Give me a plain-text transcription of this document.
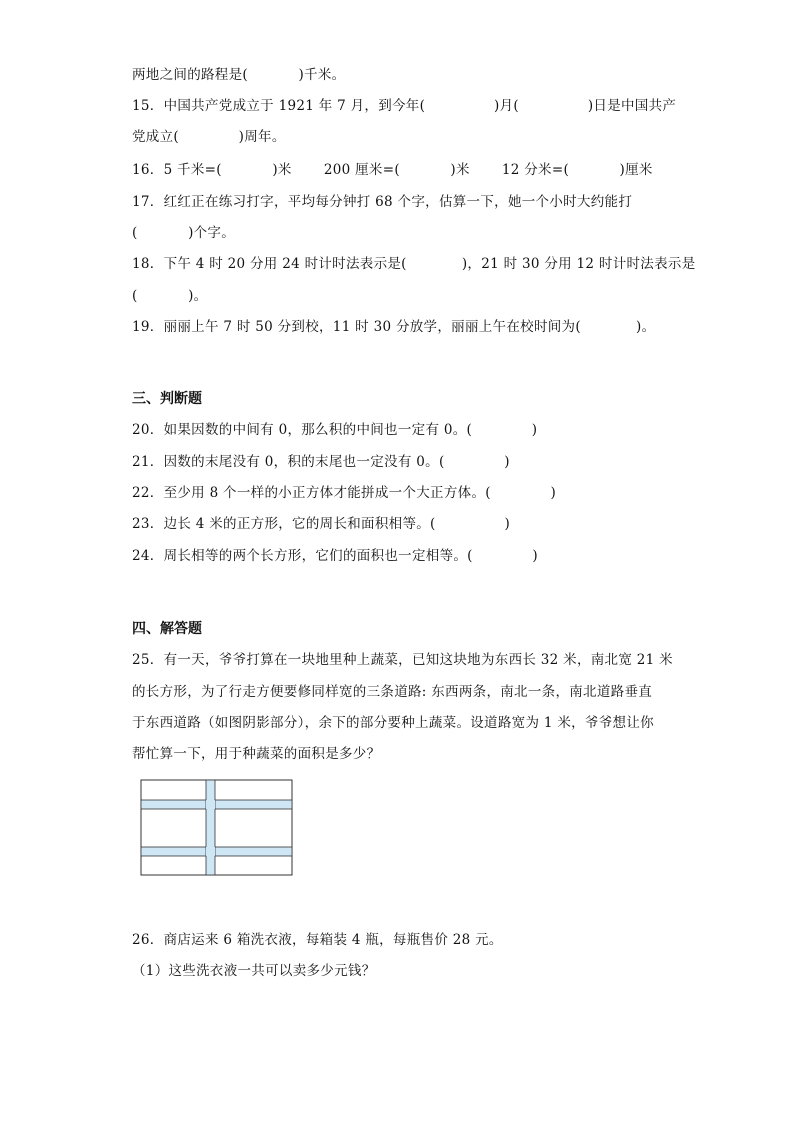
两地之间的路程是(           )千米。
15．中国共产党成立于 1921 年 7 月，到今年(               )月(               )日是中国共产
党成立(             )周年。
16．5 千米=(           )米       200 厘米=(           )米       12 分米=(           )厘米
17．红红正在练习打字，平均每分钟打 68 个字，估算一下，她一个小时大约能打
(           )个字。
18．下午 4 时 20 分用 24 时计时法表示是(            )，21 时 30 分用 12 时计时法表示是
(           )。
19．丽丽上午 7 时 50 分到校，11 时 30 分放学，丽丽上午在校时间为(            )。
三、判断题
20．如果因数的中间有 0，那么积的中间也一定有 0。(             )
21．因数的末尾没有 0，积的末尾也一定没有 0。(             )
22．至少用 8 个一样的小正方体才能拼成一个大正方体。(             )
23．边长 4 米的正方形，它的周长和面积相等。(               )
24．周长相等的两个长方形，它们的面积也一定相等。(             )
四、解答题
25．有一天，爷爷打算在一块地里种上蔬菜，已知这块地为东西长 32 米，南北宽 21 米
的长方形，为了行走方便要修同样宽的三条道路: 东西两条，南北一条，南北道路垂直
于东西道路（如图阴影部分），余下的部分要种上蔬菜。设道路宽为 1 米，爷爷想让你
帮忙算一下，用于种蔬菜的面积是多少？
26．商店运来 6 箱洗衣液，每箱装 4 瓶，每瓶售价 28 元。
（1）这些洗衣液一共可以卖多少元钱？
